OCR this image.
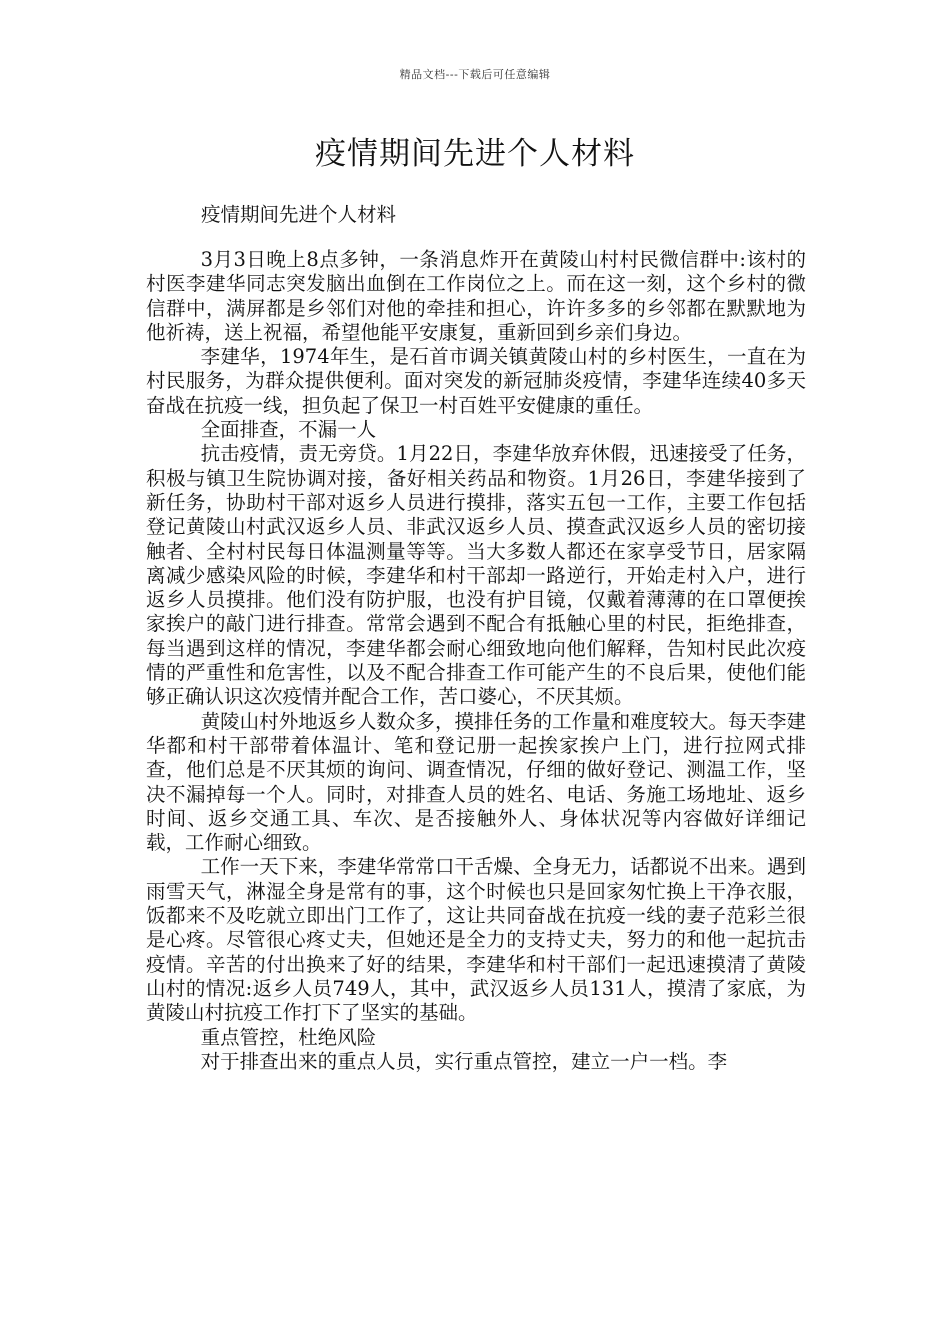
精品文档---下载后可任意编辑
疫情期间先进个人材料

疫情期间先进个人材料

3月3日晚上8点多钟，一条消息炸开在黄陵山村村民微信群中:该村的村医李建华同志突发脑出血倒在工作岗位之上。而在这一刻，这个乡村的微信群中，满屏都是乡邻们对他的牵挂和担心，许许多多的乡邻都在默默地为他祈祷，送上祝福，希望他能平安康复，重新回到乡亲们身边。

李建华，1974年生，是石首市调关镇黄陵山村的乡村医生，一直在为村民服务，为群众提供便利。面对突发的新冠肺炎疫情，李建华连续40多天奋战在抗疫一线，担负起了保卫一村百姓平安健康的重任。

全面排查，不漏一人

抗击疫情，责无旁贷。1月22日，李建华放弃休假，迅速接受了任务，积极与镇卫生院协调对接，备好相关药品和物资。1月26日，李建华接到了新任务，协助村干部对返乡人员进行摸排，落实五包一工作，主要工作包括登记黄陵山村武汉返乡人员、非武汉返乡人员、摸查武汉返乡人员的密切接触者、全村村民每日体温测量等等。当大多数人都还在家享受节日，居家隔离减少感染风险的时候，李建华和村干部却一路逆行，开始走村入户，进行返乡人员摸排。他们没有防护服，也没有护目镜，仅戴着薄薄的在口罩便挨家挨户的敲门进行排查。常常会遇到不配合有抵触心里的村民，拒绝排查，每当遇到这样的情况，李建华都会耐心细致地向他们解释，告知村民此次疫情的严重性和危害性，以及不配合排查工作可能产生的不良后果，使他们能够正确认识这次疫情并配合工作，苦口婆心，不厌其烦。

黄陵山村外地返乡人数众多，摸排任务的工作量和难度较大。每天李建华都和村干部带着体温计、笔和登记册一起挨家挨户上门，进行拉网式排查，他们总是不厌其烦的询问、调查情况，仔细的做好登记、测温工作，坚决不漏掉每一个人。同时，对排查人员的姓名、电话、务施工场地址、返乡时间、返乡交通工具、车次、是否接触外人、身体状况等内容做好详细记载，工作耐心细致。

工作一天下来，李建华常常口干舌燥、全身无力，话都说不出来。遇到雨雪天气，淋湿全身是常有的事，这个时候也只是回家匆忙换上干净衣服，饭都来不及吃就立即出门工作了，这让共同奋战在抗疫一线的妻子范彩兰很是心疼。尽管很心疼丈夫，但她还是全力的支持丈夫，努力的和他一起抗击疫情。辛苦的付出换来了好的结果，李建华和村干部们一起迅速摸清了黄陵山村的情况:返乡人员749人，其中，武汉返乡人员131人，摸清了家底，为黄陵山村抗疫工作打下了坚实的基础。

重点管控，杜绝风险

对于排查出来的重点人员，实行重点管控，建立一户一档。李
